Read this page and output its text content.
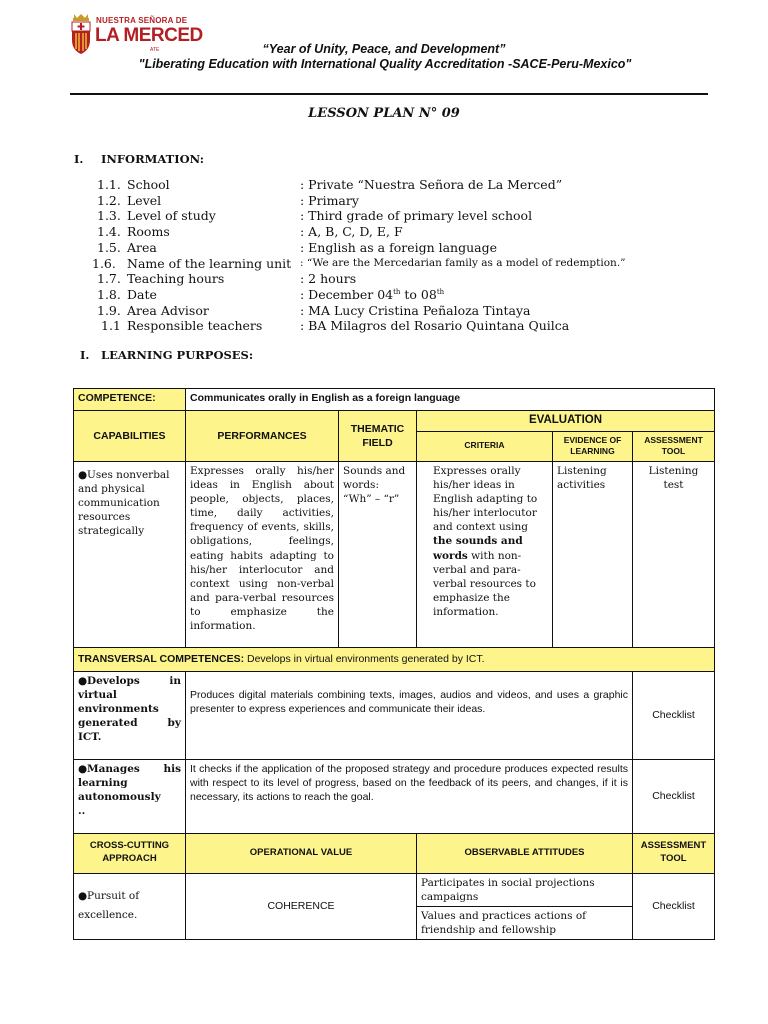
NUESTRA SEÑORA DE
LA MERCED
ATE	“Year of Unity, Peace, and Development”
"Liberating Education with International Quality Accreditation -SACE-Peru-Mexico"
LESSON PLAN N° 09
I. INFORMATION:
1.1. School	: Private “Nuestra Señora de La Merced”
1.2. Level	: Primary
1.3. Level of study	: Third grade of primary level school
1.4. Rooms	: A, B, C, D, E, F
1.5. Area	: English as a foreign language
1.6. Name of the learning unit : “We are the Mercedarian family as a model of redemption.”
1.7. Teaching hours	: 2 hours
1.8. Date	: December 04th to 08th
1.9. Area Advisor	: MA Lucy Cristina Peñaloza Tintaya
1.1 Responsible teachers	: BA Milagros del Rosario Quintana Quilca
I. LEARNING PURPOSES:
COMPETENCE:	Communicates orally in English as a foreign language				
CAPABILITIES	PERFORMANCES	THEMATIC FIELD	EVALUATION		
			CRITERIA	EVIDENCE OF LEARNING	ASSESSMENT TOOL
●Uses nonverbal and physical communication resources strategically	Expresses orally his/her ideas in English about people, objects, places, time, daily activities, frequency of events, skills, obligations, feelings, eating habits adapting to his/her interlocutor and context using non-verbal and para-verbal resources to emphasize the information.	Sounds and words:
“Wh” – “r”	Expresses orally his/her ideas in English adapting to his/her interlocutor and context using the sounds and words with non-verbal and para-verbal resources to emphasize the information.	Listening activities	Listening test
TRANSVERSAL COMPETENCES: Develops in virtual environments generated by ICT.					
●Develops in virtual environments generated by ICT.	Produces digital materials combining texts, images, audios and videos, and uses a graphic presenter to express experiences and communicate their ideas.				Checklist
●Manages his learning autonomously
..	It checks if the application of the proposed strategy and procedure produces expected results with respect to its level of progress, based on the feedback of its peers, and changes, if it is necessary, its actions to reach the goal.				Checklist
CROSS-CUTTING APPROACH	OPERATIONAL VALUE		OBSERVABLE ATTITUDES		ASSESSMENT TOOL
●Pursuit of excellence.	COHERENCE		Participates in social projections campaigns		Checklist
			Values and practices actions of friendship and fellowship		
